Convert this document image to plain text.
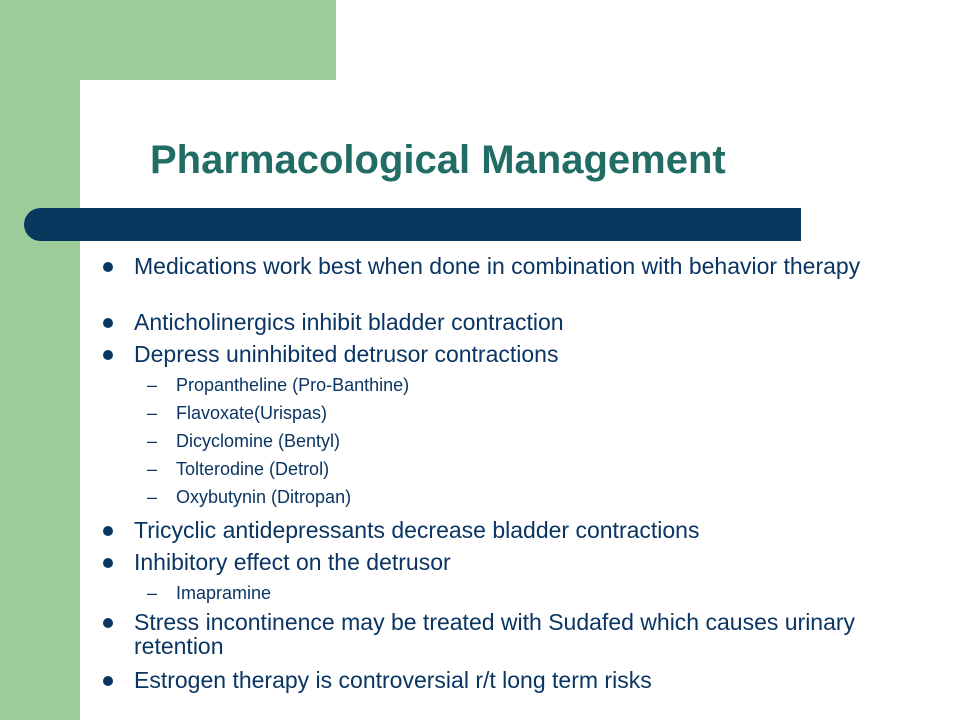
Pharmacological Management
Medications work best when done in combination with behavior therapy
Anticholinergics inhibit bladder contraction
Depress uninhibited detrusor contractions
– Propantheline (Pro-Banthine)
– Flavoxate(Urispas)
– Dicyclomine (Bentyl)
– Tolterodine (Detrol)
– Oxybutynin (Ditropan)
Tricyclic antidepressants decrease bladder contractions
Inhibitory effect on the detrusor
– Imapramine
Stress incontinence may be treated with Sudafed which causes urinary retention
Estrogen therapy is controversial r/t long term risks
